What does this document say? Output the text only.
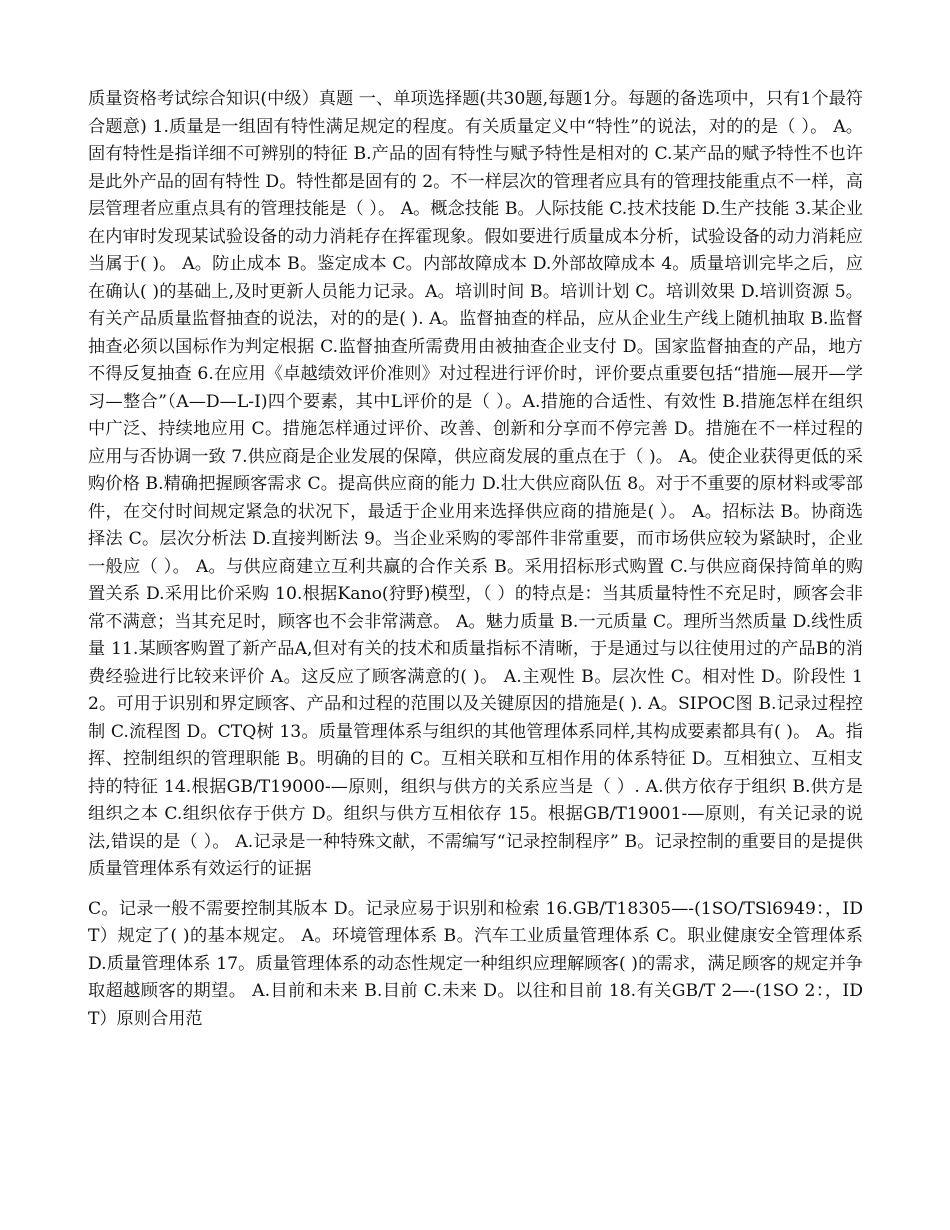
质量资格考试综合知识(中级）真题 一、单项选择题(共30题,每题1分。每题的备选项中，只有1个最符合题意) 1.质量是一组固有特性满足规定的程度。有关质量定义中“特性”的说法，对的的是（ ）。 A。固有特性是指详细不可辨别的特征 B.产品的固有特性与赋予特性是相对的 C.某产品的赋予特性不也许是此外产品的固有特性 D。特性都是固有的 2。不一样层次的管理者应具有的管理技能重点不一样，高层管理者应重点具有的管理技能是（ ）。 A。概念技能 B。人际技能 C.技术技能 D.生产技能 3.某企业在内审时发现某试验设备的动力消耗存在挥霍现象。假如要进行质量成本分析，试验设备的动力消耗应当属于( )。 A。防止成本 B。鉴定成本 C。内部故障成本 D.外部故障成本 4。质量培训完毕之后，应在确认( )的基础上,及时更新人员能力记录。A。培训时间 B。培训计划 C。培训效果 D.培训资源 5。有关产品质量监督抽查的说法，对的的是( ). A。监督抽查的样品，应从企业生产线上随机抽取 B.监督抽查必须以国标作为判定根据 C.监督抽查所需费用由被抽查企业支付 D。国家监督抽查的产品，地方不得反复抽查 6.在应用《卓越绩效评价准则》对过程进行评价时，评价要点重要包括“措施—展开—学习—整合”（A—D—L-I)四个要素，其中L评价的是（ ）。A.措施的合适性、有效性 B.措施怎样在组织中广泛、持续地应用 C。措施怎样通过评价、改善、创新和分享而不停完善 D。措施在不一样过程的应用与否协调一致 7.供应商是企业发展的保障，供应商发展的重点在于（ )。 A。使企业获得更低的采购价格 B.精确把握顾客需求 C。提高供应商的能力 D.壮大供应商队伍 8。对于不重要的原材料或零部件，在交付时间规定紧急的状况下，最适于企业用来选择供应商的措施是( ）。 A。招标法 B。协商选择法 C。层次分析法 D.直接判断法 9。当企业采购的零部件非常重要，而市场供应较为紧缺时，企业一般应（ ）。 A。与供应商建立互利共赢的合作关系 B。采用招标形式购置 C.与供应商保持简单的购置关系 D.采用比价采购 10.根据Kano(狩野)模型，（ ）的特点是：当其质量特性不充足时，顾客会非常不满意；当其充足时，顾客也不会非常满意。 A。魅力质量 B.一元质量 C。理所当然质量 D.线性质量 11.某顾客购置了新产品A,但对有关的技术和质量指标不清晰，于是通过与以往使用过的产品B的消费经验进行比较来评价 A。这反应了顾客满意的( )。 A.主观性 B。层次性 C。相对性 D。阶段性 12。可用于识别和界定顾客、产品和过程的范围以及关键原因的措施是( ). A。SIPOC图 B.记录过程控制 C.流程图 D。CTQ树 13。质量管理体系与组织的其他管理体系同样,其构成要素都具有( )。 A。指挥、控制组织的管理职能 B。明确的目的 C。互相关联和互相作用的体系特征 D。互相独立、互相支持的特征 14.根据GB/T19000-—原则，组织与供方的关系应当是（ ）. A.供方依存于组织 B.供方是组织之本 C.组织依存于供方 D。组织与供方互相依存 15。根据GB/T19001-—原则，有关记录的说法,错误的是（ ）。 A.记录是一种特殊文献，不需编写“记录控制程序” B。记录控制的重要目的是提供质量管理体系有效运行的证据

C。记录一般不需要控制其版本 D。记录应易于识别和检索 16.GB/T18305—-(1SO/TSl6949：，IDT）规定了( )的基本规定。 A。环境管理体系 B。汽车工业质量管理体系 C。职业健康安全管理体系 D.质量管理体系 17。质量管理体系的动态性规定一种组织应理解顾客( )的需求，满足顾客的规定并争取超越顾客的期望。 A.目前和未来 B.目前 C.未来 D。以往和目前 18.有关GB/T 2—-(1SO 2：，IDT）原则合用范
